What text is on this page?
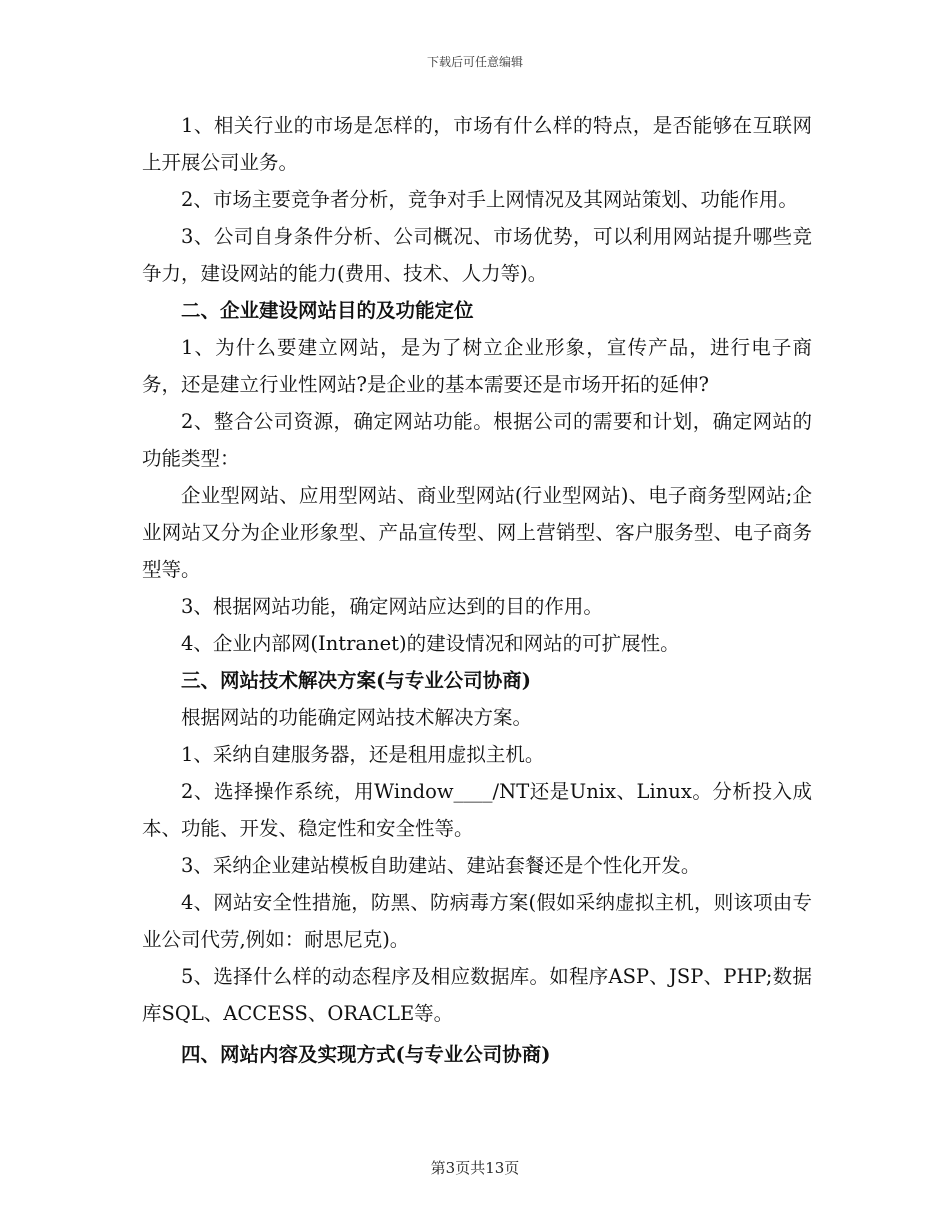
下载后可任意编辑

1、相关行业的市场是怎样的，市场有什么样的特点，是否能够在互联网上开展公司业务。

2、市场主要竞争者分析，竞争对手上网情况及其网站策划、功能作用。

3、公司自身条件分析、公司概况、市场优势，可以利用网站提升哪些竞争力，建设网站的能力(费用、技术、人力等)。

二、企业建设网站目的及功能定位

1、为什么要建立网站，是为了树立企业形象，宣传产品，进行电子商务，还是建立行业性网站?是企业的基本需要还是市场开拓的延伸?

2、整合公司资源，确定网站功能。根据公司的需要和计划，确定网站的功能类型：

企业型网站、应用型网站、商业型网站(行业型网站)、电子商务型网站;企业网站又分为企业形象型、产品宣传型、网上营销型、客户服务型、电子商务型等。

3、根据网站功能，确定网站应达到的目的作用。

4、企业内部网(Intranet)的建设情况和网站的可扩展性。

三、网站技术解决方案(与专业公司协商)

根据网站的功能确定网站技术解决方案。

1、采纳自建服务器，还是租用虚拟主机。

2、选择操作系统，用Window____/NT还是Unix、Linux。分析投入成本、功能、开发、稳定性和安全性等。

3、采纳企业建站模板自助建站、建站套餐还是个性化开发。

4、网站安全性措施，防黑、防病毒方案(假如采纳虚拟主机，则该项由专业公司代劳,例如：耐思尼克)。

5、选择什么样的动态程序及相应数据库。如程序ASP、JSP、PHP;数据库SQL、ACCESS、ORACLE等。

四、网站内容及实现方式(与专业公司协商)

第3页共13页
